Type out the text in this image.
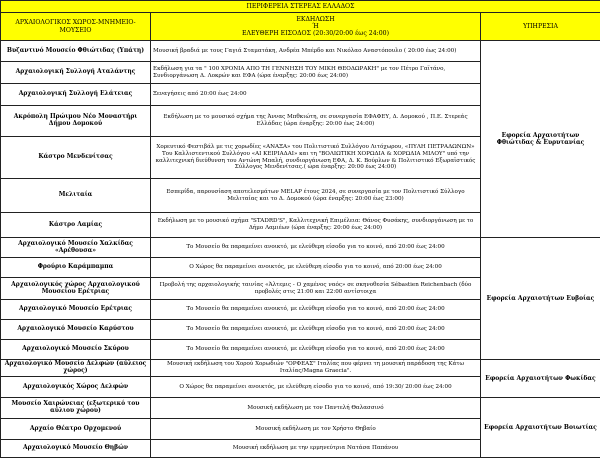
ΠΕΡΙΦΕΡΕΙΑ ΣΤΕΡΕΑΣ ΕΛΛΑΔΟΣ		
ΑΡΧΑΙΟΛΟΓΙΚΟΣ ΧΩΡΟΣ-ΜΝΗΜΕΙΟ-ΜΟΥΣΕΙΟ	ΕΚΔΗΛΩΣΗ
Ή
ΕΛΕΥΘΕΡΗ ΕΙΣΟΔΟΣ (20:30/20:00 έως 24:00)	ΥΠΗΡΕΣΙΑ
Βυζαντινό Μουσείο Φθιώτιδας (Υπάτη)	Μουσική βραδιά με τους Γαγιά Σταματάκη, Ανδρέα Μπέρδο και Νικόλαο Αναστόπουλο ( 20:00 έως 24:00)	Εφορεία Αρχαιοτήτων Φθιώτιδας & Ευρυτανίας
Αρχαιολογική Συλλογή Αταλάντης	Εκδήλωση για τα " 100 ΧΡΟΝΙΑ ΑΠΟ ΤΗ ΓΕΝΝΗΣΗ ΤΟΥ ΜΙΚΗ ΘΕΟΔΩΡΑΚΗ" με τον Πέτρο Γαϊτάνο, Συνδιοργάνωση Δ. Λοκρών και ΕΦΑ (ώρα έναρξης: 20:00 έως 24:00)	
Αρχαιολογική Συλλογή Ελάτειας	Ξεναγήσεις από 20:00 έως 24:00	
Ακρόπολη Πρώιμου Νέο Μοναστήρι Δήμου Δομοκού	Εκδήλωση με το μουσικό σχήμα της Άννας Μπθκιώτη, σε συνεργασία ΕΦΑΦΕΥ, Δ. Δομοκού , Π.Ε. Στερεάς Ελλάδας (ώρα έναρξης: 20:00 έως 24:00)	
Κάστρο Μενδενίτσας	Χορευτικό Φεστιβάλ με τις χορωδίες «ΑΝΑΞΑ» του Πολιτιστικό Συλλόγου Λιτόχωρου, «ΠΥΛΗ ΠΕΤΡΑΔΩΝΩΝ» Του Καλλιστεντικού Συλλόγου «ΑΙ ΚΕΙΡΙΑΔΑΙ» και τη "ΒΟΛΙΩΤΙΚΗ ΧΟΡΩΔΙΑ & ΧΟΡΩΔΙΑ ΜΙΛΟΥ" υπό την καλλιτεχνική διεύθυνση του Αντώνη Μπαλή, συνδιοργάνωση ΕΦΑ, Δ. Κ. Βούρλων & Πολιτιστικό Εξωραϊστικός Σύλλογος Μενδενίτσας.( ώρα έναρξης: 20:00 έως 24:00)	
Μελιταία	Εσπερίδα, παρουσίαση αποτελεσμάτων MELAP έτους 2024, σε συνεργασία με τον Πολιτιστικό Σύλλογο Μελιταίας και το Δ. Δομοκού (ώρα έναρξης: 20:00 έως 23:00)	
Κάστρο Λαμίας	Εκδήλωση με το μουσικό σχήμα "STADRD'S", Καλλιτεχνική Επιμέλεια: Θάνος Φυσάκης, συνδιοργάνωση με το Δήμο Λαμιέων (ώρα έναρξης: 20:00 έως 24:00)	
Αρχαιολογικό Μουσείο Χαλκίδας «Αρέθουσα»	Το Μουσείο θα παραμείνει ανοικτό, με ελεύθερη είσοδο για το κοινό, από 20:00 έως 24:00	Εφορεία Αρχαιοτήτων Ευβοίας
Φρούριο Καράμπαμπα	Ο Χώρος θα παραμείνει ανοικτός, με ελεύθερη είσοδο για το κοινό, από 20:00 έως 24:00	
Αρχαιολογικός χώρος Αρχαιολογικού Μουσείου Ερέτριας	Προβολή της αρχαιολογικής ταινίας «Άλτεμις - Ο χαμένος ναός» σε σκηνοθεσία Sébastien Reichenbach (δύο προβολές στις 21:00 και 22:00 αντίστοιχα	
Αρχαιολογικό Μουσείο Ερέτριας	Το Μουσείο θα παραμείνει ανοικτό, με ελεύθερη είσοδο για το κοινό, από 20:00 έως 24:00	
Αρχαιολογικό Μουσείο Καρύστου	Το Μουσείο θα παραμείνει ανοικτό, με ελεύθερη είσοδο για το κοινό, από 20:00 έως 24:00	
Αρχαιολογικό Μουσείο Σκύρου	Το Μουσείο θα παραμείνει ανοικτό, με ελεύθερη είσοδο για το κοινό, από 20:00 έως 24:00	
Αρχαιολογικό Μουσείο Δελφών (αύλειος χώρος)	Μουσική εκδήλωση του Χορού Χορωδιών "ΟΡΦΕΑΣ" Ιταλίας που φέρνει τη μουσική παράδοση της Κάτω Ιταλίας/Magna Graecia".	Εφορεία Αρχαιοτήτων Φωκίδας
Αρχαιολογικός Χώρος Δελφών	Ο Χώρος θα παραμείνει ανοικτός, με ελεύθερη είσοδο για το κοινό, από 19:30/ 20:00 έως 24:00	
Μουσείο Χαιρώνειας (εξωτερικό του αύλιου χώρου)	Μουσική εκδήλωση με τον Παντελή Θαλασσινό	Εφορεία Αρχαιοτήτων Βοιωτίας
Αρχαίο Θέατρο Ορχομενού	Μουσική εκδήλωση με τον Χρήστο Θηβαίο	
Αρχαιολογικό Μουσείο Θηβών	Μουσική εκδήλωση με την ερμηνεύτρια Νατάσα Παπάνου	
